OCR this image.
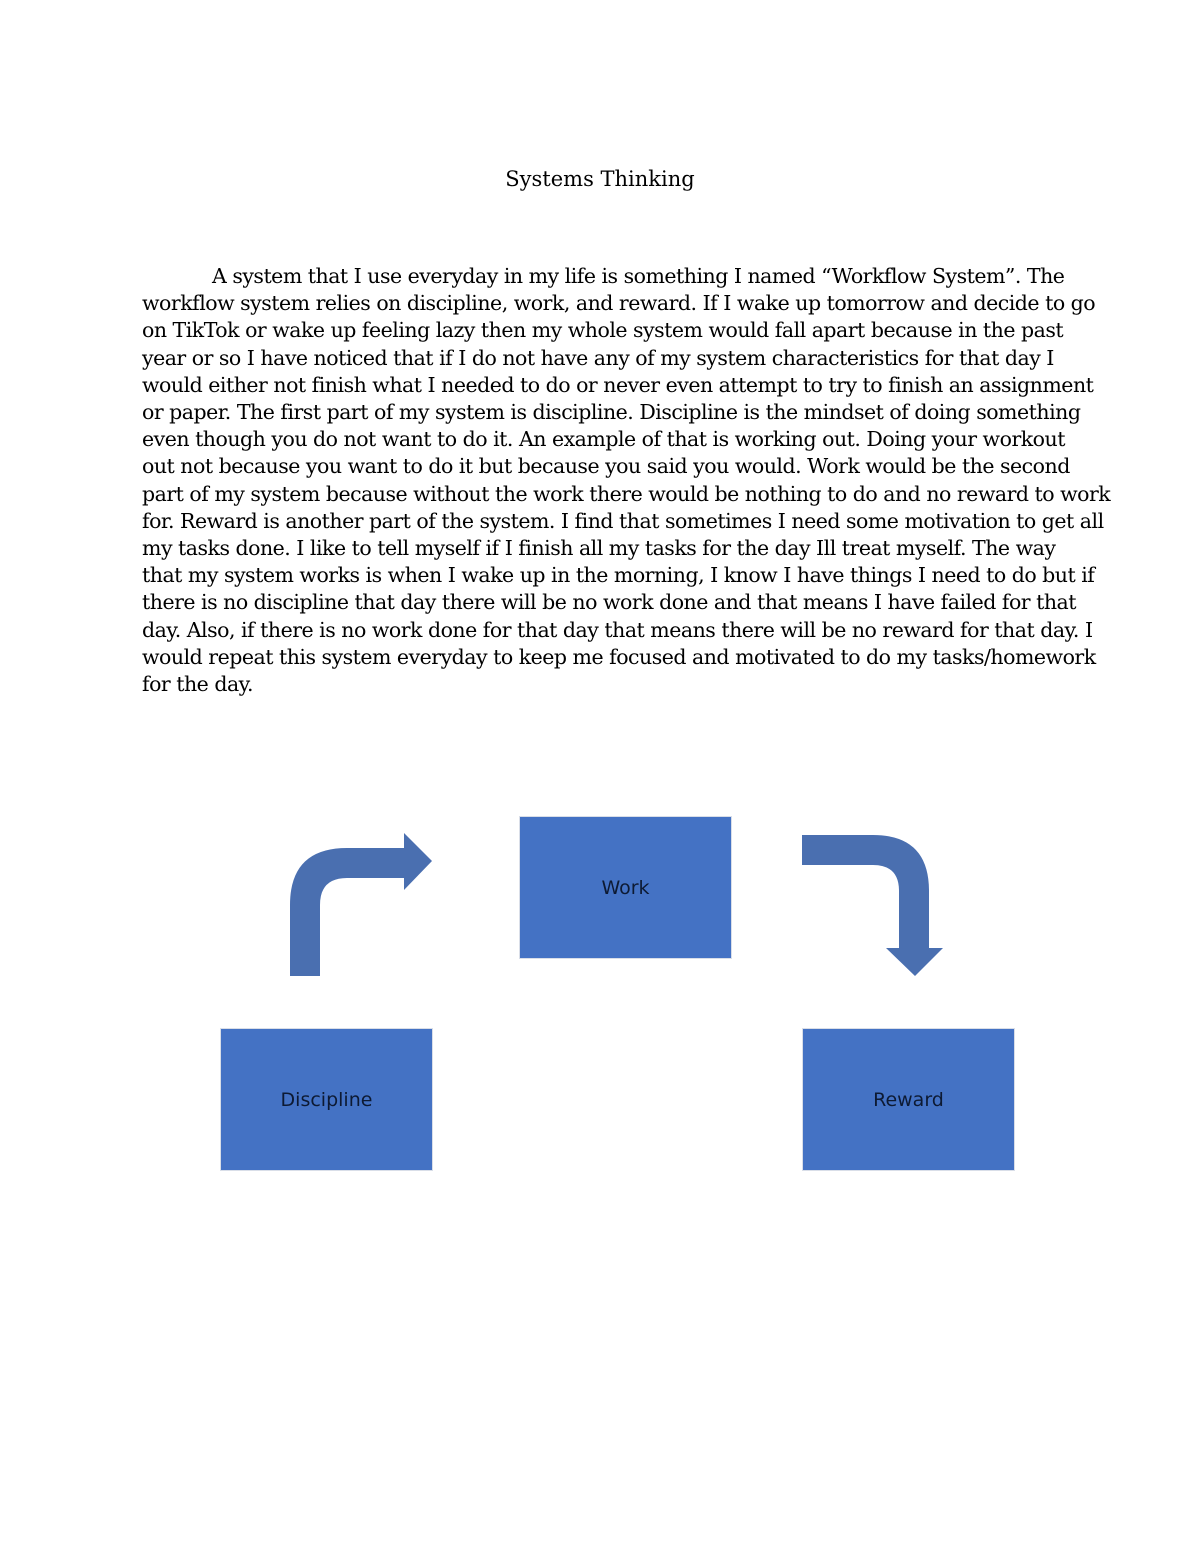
Systems Thinking
A system that I use everyday in my life is something I named “Workflow System”. The
workflow system relies on discipline, work, and reward. If I wake up tomorrow and decide to go
on TikTok or wake up feeling lazy then my whole system would fall apart because in the past
year or so I have noticed that if I do not have any of my system characteristics for that day I
would either not finish what I needed to do or never even attempt to try to finish an assignment
or paper. The first part of my system is discipline. Discipline is the mindset of doing something
even though you do not want to do it. An example of that is working out. Doing your workout
out not because you want to do it but because you said you would. Work would be the second
part of my system because without the work there would be nothing to do and no reward to work
for. Reward is another part of the system. I find that sometimes I need some motivation to get all
my tasks done. I like to tell myself if I finish all my tasks for the day Ill treat myself. The way
that my system works is when I wake up in the morning, I know I have things I need to do but if
there is no discipline that day there will be no work done and that means I have failed for that
day. Also, if there is no work done for that day that means there will be no reward for that day. I
would repeat this system everyday to keep me focused and motivated to do my tasks/homework
for the day.
Work
Discipline	Reward
